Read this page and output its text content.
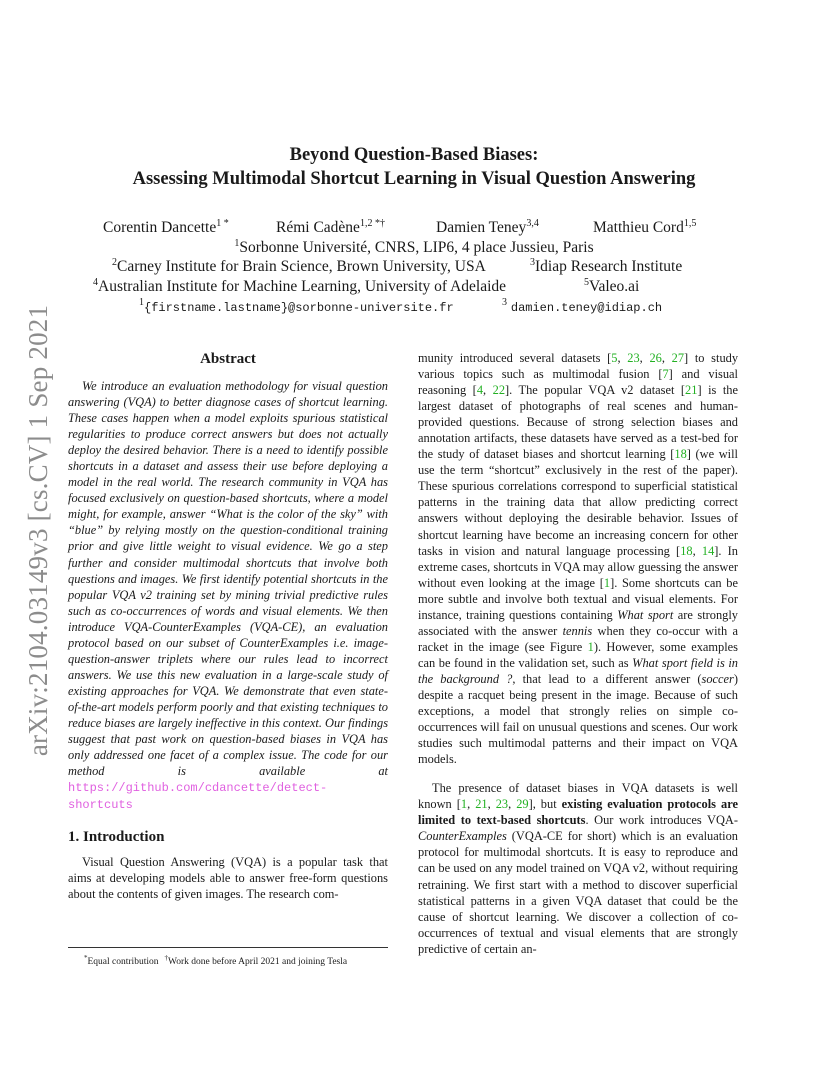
arXiv:2104.03149v3 [cs.CV] 1 Sep 2021
Beyond Question-Based Biases:
Assessing Multimodal Shortcut Learning in Visual Question Answering
Corentin Dancette$^{1 *}$	Rémi Cadène$^{1,2 *\dagger}$	Damien Teney$^{3,4}$	Matthieu Cord$^{1,5}$
$^1$Sorbonne Université, CNRS, LIP6, 4 place Jussieu, Paris
$^2$Carney Institute for Brain Science, Brown University, USA	$^3$Idiap Research Institute
$^4$Australian Institute for Machine Learning, University of Adelaide	$^5$Valeo.ai
$^1${firstname.lastname}@sorbonne-universite.fr	$^3$ damien.teney@idiap.ch
Abstract

We introduce an evaluation methodology for visual question answering (VQA) to better diagnose cases of shortcut learning. These cases happen when a model exploits spurious statistical regularities to produce correct answers but does not actually deploy the desired behavior. There is a need to identify possible shortcuts in a dataset and assess their use before deploying a model in the real world. The research community in VQA has focused exclusively on question-based shortcuts, where a model might, for example, answer “What is the color of the sky” with “blue” by relying mostly on the question-conditional training prior and give little weight to visual evidence. We go a step further and consider multimodal shortcuts that involve both questions and images. We first identify potential shortcuts in the popular VQA v2 training set by mining trivial predictive rules such as co-occurrences of words and visual elements. We then introduce VQA-CounterExamples (VQA-CE), an evaluation protocol based on our subset of CounterExamples i.e. image-question-answer triplets where our rules lead to incorrect answers. We use this new evaluation in a large-scale study of existing approaches for VQA. We demonstrate that even state-of-the-art models perform poorly and that existing techniques to reduce biases are largely ineffective in this context. Our findings suggest that past work on question-based biases in VQA has only addressed one facet of a complex issue. The code for our method is available at https://github.com/cdancette/detect-shortcuts

1. Introduction

Visual Question Answering (VQA) is a popular task that aims at developing models able to answer free-form questions about the contents of given images. The research com-

*Equal contribution †Work done before April 2021 and joining Tesla

munity introduced several datasets [5, 23, 26, 27] to study various topics such as multimodal fusion [7] and visual reasoning [4, 22]. The popular VQA v2 dataset [21] is the largest dataset of photographs of real scenes and human-provided questions. Because of strong selection biases and annotation artifacts, these datasets have served as a test-bed for the study of dataset biases and shortcut learning [18] (we will use the term “shortcut” exclusively in the rest of the paper). These spurious correlations correspond to superficial statistical patterns in the training data that allow predicting correct answers without deploying the desirable behavior. Issues of shortcut learning have become an increasing concern for other tasks in vision and natural language processing [18, 14]. In extreme cases, shortcuts in VQA may allow guessing the answer without even looking at the image [1]. Some shortcuts can be more subtle and involve both textual and visual elements. For instance, training questions containing What sport are strongly associated with the answer tennis when they co-occur with a racket in the image (see Figure 1). However, some examples can be found in the validation set, such as What sport field is in the background ?, that lead to a different answer (soccer) despite a racquet being present in the image. Because of such exceptions, a model that strongly relies on simple co-occurrences will fail on unusual questions and scenes. Our work studies such multimodal patterns and their impact on VQA models.

The presence of dataset biases in VQA datasets is well known [1, 21, 23, 29], but existing evaluation protocols are limited to text-based shortcuts. Our work introduces VQA-CounterExamples (VQA-CE for short) which is an evaluation protocol for multimodal shortcuts. It is easy to reproduce and can be used on any model trained on VQA v2, without requiring retraining. We first start with a method to discover superficial statistical patterns in a given VQA dataset that could be the cause of shortcut learning. We discover a collection of co-occurrences of textual and visual elements that are strongly predictive of certain an-
